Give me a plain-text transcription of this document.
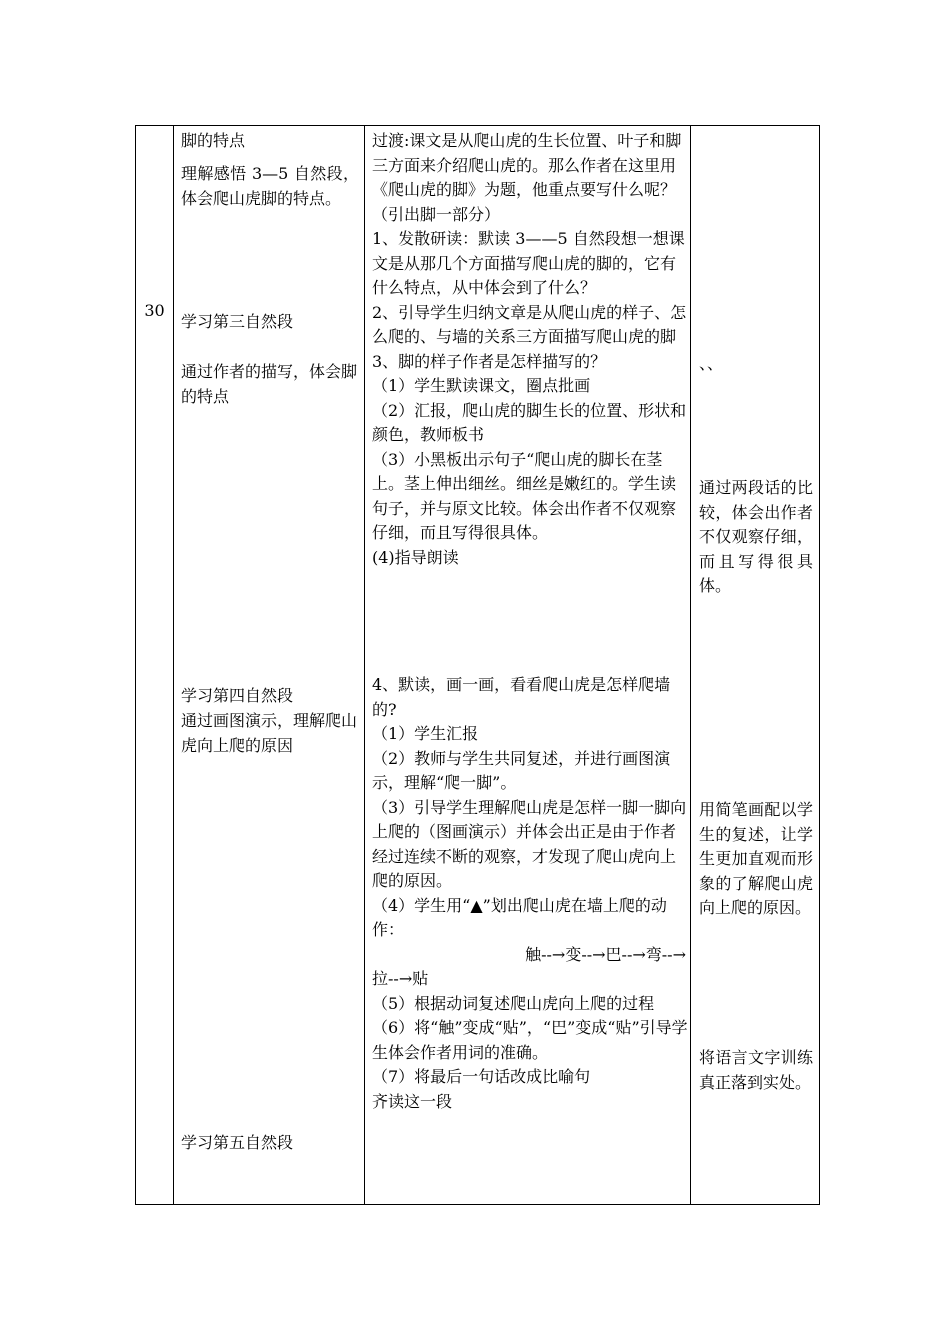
30
脚的特点
理解感悟 3—5 自然段，体会爬山虎脚的特点。
学习第三自然段
通过作者的描写，体会脚的特点
学习第四自然段
通过画图演示，理解爬山虎向上爬的原因
学习第五自然段

过渡:课文是从爬山虎的生长位置、叶子和脚三方面来介绍爬山虎的。那么作者在这里用《爬山虎的脚》为题，他重点要写什么呢？（引出脚一部分）

1、发散研读：默读 3——5 自然段想一想课文是从那几个方面描写爬山虎的脚的，它有什么特点，从中体会到了什么？

2、引导学生归纳文章是从爬山虎的样子、怎么爬的、与墙的关系三方面描写爬山虎的脚

3、脚的样子作者是怎样描写的？

（1）学生默读课文，圈点批画

（2）汇报，爬山虎的脚生长的位置、形状和颜色，教师板书

（3）小黑板出示句子“爬山虎的脚长在茎上。茎上伸出细丝。细丝是嫩红的。学生读句子，并与原文比较。体会出作者不仅观察仔细，而且写得很具体。

(4)指导朗读

4、默读，画一画，看看爬山虎是怎样爬墙的?

（1）学生汇报

（2）教师与学生共同复述，并进行画图演示，理解“爬一脚”。

（3）引导学生理解爬山虎是怎样一脚一脚向上爬的（图画演示）并体会出正是由于作者经过连续不断的观察，才发现了爬山虎向上爬的原因。

（4）学生用“▲”划出爬山虎在墙上爬的动作：

触--→变--→巴--→弯--→

拉--→贴

（5）根据动词复述爬山虎向上爬的过程

（6）将“触”变成“贴”，“巴”变成“贴”引导学生体会作者用词的准确。

（7）将最后一句话改成比喻句

齐读这一段

、、
通过两段话的比较，体会出作者不仅观察仔细，而且写得很具体。
用简笔画配以学生的复述，让学生更加直观而形象的了解爬山虎向上爬的原因。
将语言文字训练真正落到实处。
